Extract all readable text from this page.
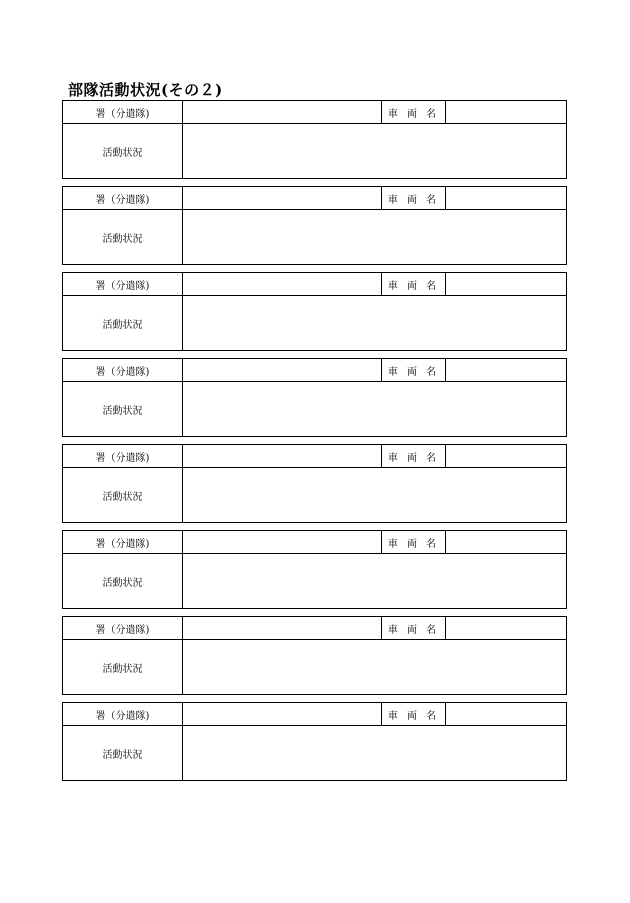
部隊活動状況(その２)
署（分遣隊)	車 両 名
活動状況
署（分遣隊)	車 両 名
活動状況
署（分遣隊)	車 両 名
活動状況
署（分遣隊)	車 両 名
活動状況
署（分遣隊)	車 両 名
活動状況
署（分遣隊)	車 両 名
活動状況
署（分遣隊)	車 両 名
活動状況
署（分遣隊)	車 両 名
活動状況
